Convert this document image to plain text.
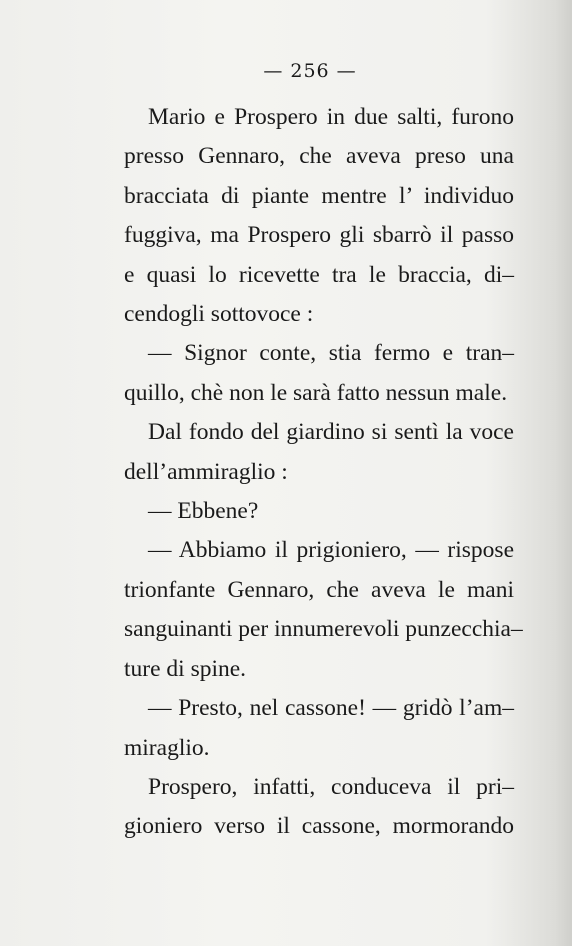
— 256 —
Mario e Prospero in due salti, furono
presso Gennaro, che aveva preso una
bracciata di piante mentre l’ individuo
fuggiva, ma Prospero gli sbarrò il passo
e quasi lo ricevette tra le braccia, di–
cendogli sottovoce :
— Signor conte, stia fermo e tran–
quillo, chè non le sarà fatto nessun male.
Dal fondo del giardino si sentì la voce
dell’ammiraglio :
— Ebbene?
— Abbiamo il prigioniero, — rispose
trionfante Gennaro, che aveva le mani
sanguinanti per innumerevoli punzecchia–
ture di spine.
— Presto, nel cassone! — gridò l’am–
miraglio.
Prospero, infatti, conduceva il pri–
gioniero verso il cassone, mormorando
